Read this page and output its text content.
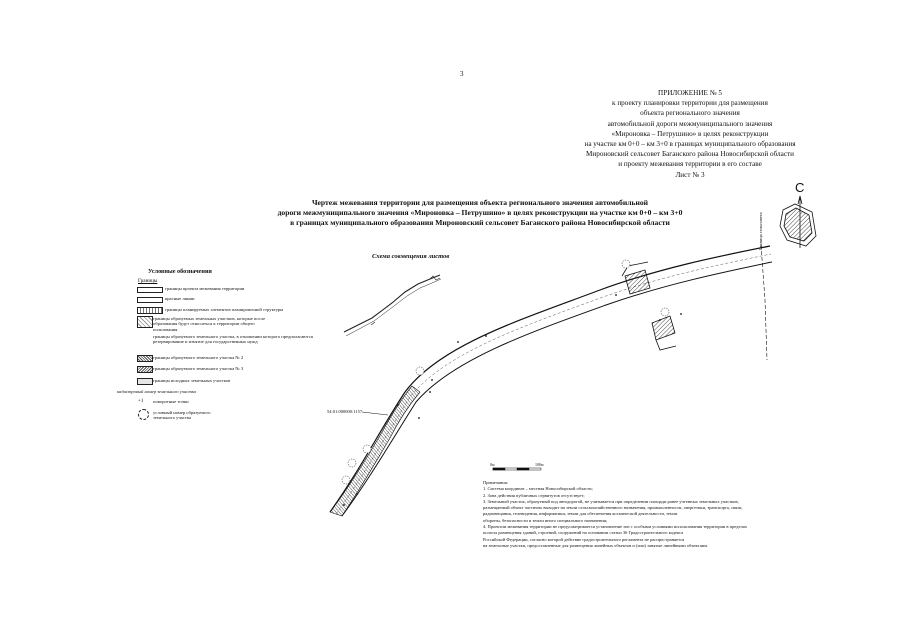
3
ПРИЛОЖЕНИЕ № 5
к проекту планировки территории для размещения
объекта регионального значения
автомобильной дороги межмуниципального значения
«Мироновка – Петрушино» в целях реконструкции
на участке км 0+0 – км 3+0 в границах муниципального образования
Мироновский сельсовет Баганского района Новосибирской области
и проекту межевания территории в его составе
Лист № 3
Чертеж межевания территории для размещения объекта регионального значения автомобильной
дороги межмуниципального значения «Мироновка – Петрушино» в целях реконструкции на участке км 0+0 – км 3+0
в границах муниципального образования Мироновский сельсовет Баганского района Новосибирской области
С
Схема совмещения листов
Условные обозначения
Границы
границы проекта межевания территории
красные линии
границы планируемых элементов планировочной структуры
границы образуемых земельных участков, которые после образования будут относиться к территории общего пользования
границы образуемого земельного участка, в отношении которого предполагаются резервирование и изъятие для государственных нужд
границы образуемого земельного участка № 2
границы образуемого земельного участка № 3
границы исходных земельных участков
кадастровый номер земельного участка
+1 поворотные точки
условный номер образуемого земельного участка
54:01:000000:1157
Граница сельсовета
0м	100м
Примечания:
1. Система координат – местная Новосибирской области;
2. Зона действия публичных сервитутов отсутствует;
3. Земельный участок, образуемый под автодорогой, не учитывается при определении площади ранее учтенных земельных участков;
размещаемый объект частично выходит на земли сельскохозяйственного назначения, промышленности, энергетики, транспорта, связи,
радиовещания, телевидения, информатики, земли для обеспечения космической деятельности, земли
обороны, безопасности и земли иного специального назначения;
4. Проектом межевания территории не предусматривается установление зон с особыми условиями использования территории в пределах
полосы размещения зданий, строений, сооружений на основании статьи 36 Градостроительного кодекса
Российской Федерации, согласно которой действие градостроительного регламента не распространяется
на земельные участки, предоставленные для размещения линейных объектов и (или) занятые линейными объектами.
